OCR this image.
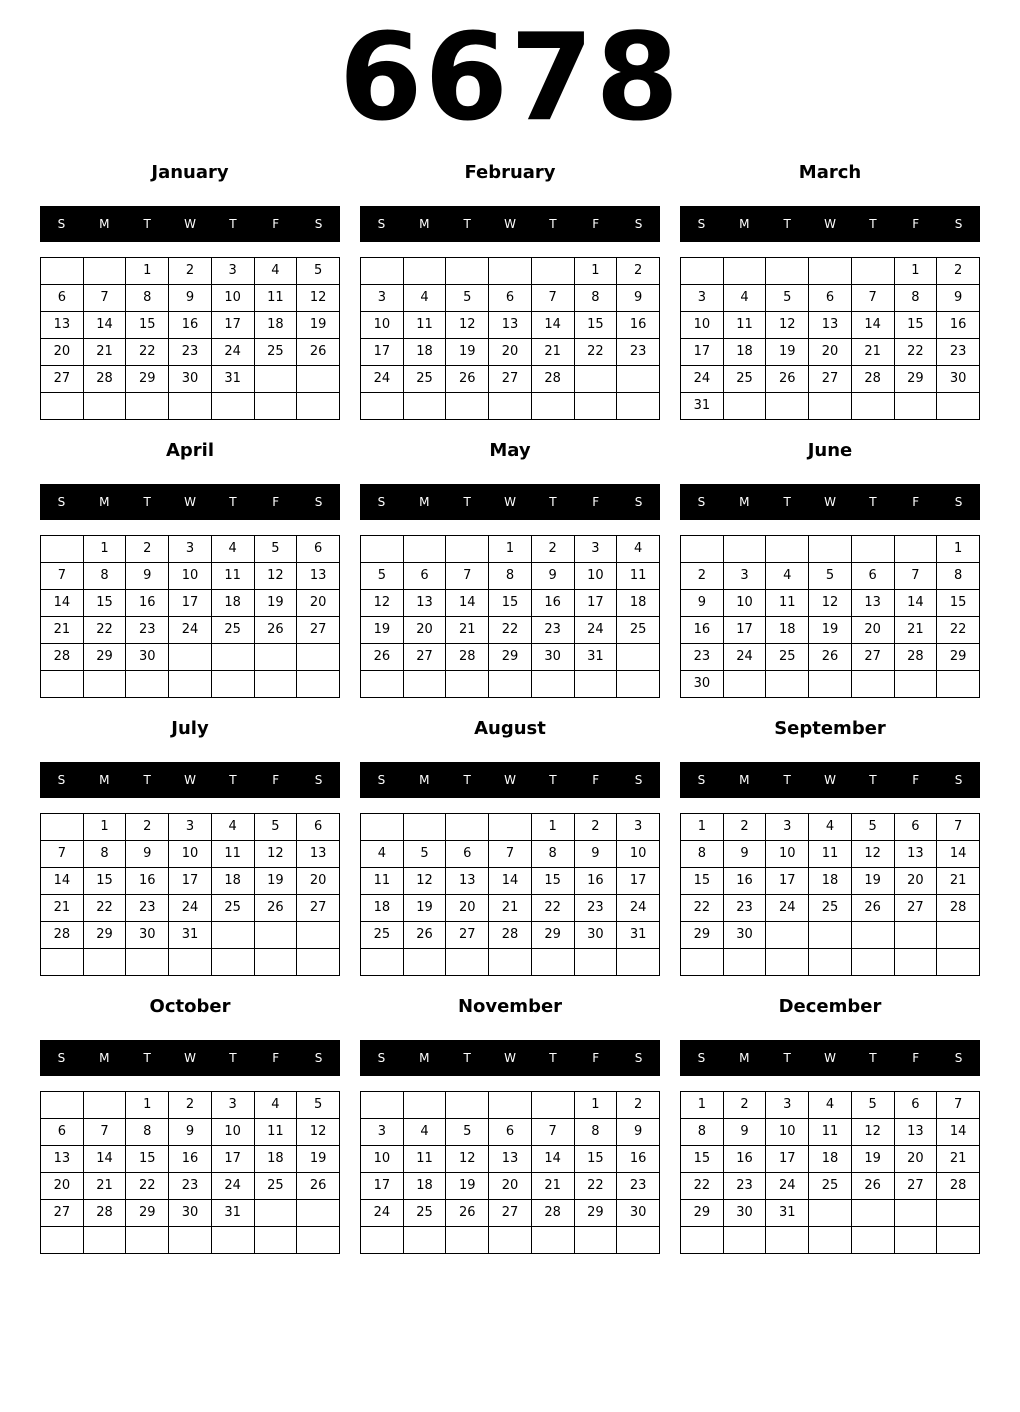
6678
January
S	M	T	W	T	F	S
		1	2	3	4	5
6	7	8	9	10	11	12
13	14	15	16	17	18	19
20	21	22	23	24	25	26
27	28	29	30	31		

February
S	M	T	W	T	F	S
					1	2
3	4	5	6	7	8	9
10	11	12	13	14	15	16
17	18	19	20	21	22	23
24	25	26	27	28		

March
S	M	T	W	T	F	S
					1	2
3	4	5	6	7	8	9
10	11	12	13	14	15	16
17	18	19	20	21	22	23
24	25	26	27	28	29	30
31						
April
S	M	T	W	T	F	S
	1	2	3	4	5	6
7	8	9	10	11	12	13
14	15	16	17	18	19	20
21	22	23	24	25	26	27
28	29	30				

May
S	M	T	W	T	F	S
			1	2	3	4
5	6	7	8	9	10	11
12	13	14	15	16	17	18
19	20	21	22	23	24	25
26	27	28	29	30	31	

June
S	M	T	W	T	F	S
						1
2	3	4	5	6	7	8
9	10	11	12	13	14	15
16	17	18	19	20	21	22
23	24	25	26	27	28	29
30						
July
S	M	T	W	T	F	S
	1	2	3	4	5	6
7	8	9	10	11	12	13
14	15	16	17	18	19	20
21	22	23	24	25	26	27
28	29	30	31			

August
S	M	T	W	T	F	S
				1	2	3
4	5	6	7	8	9	10
11	12	13	14	15	16	17
18	19	20	21	22	23	24
25	26	27	28	29	30	31

September
S	M	T	W	T	F	S
1	2	3	4	5	6	7
8	9	10	11	12	13	14
15	16	17	18	19	20	21
22	23	24	25	26	27	28
29	30					

October
S	M	T	W	T	F	S
		1	2	3	4	5
6	7	8	9	10	11	12
13	14	15	16	17	18	19
20	21	22	23	24	25	26
27	28	29	30	31		

November
S	M	T	W	T	F	S
					1	2
3	4	5	6	7	8	9
10	11	12	13	14	15	16
17	18	19	20	21	22	23
24	25	26	27	28	29	30

December
S	M	T	W	T	F	S
1	2	3	4	5	6	7
8	9	10	11	12	13	14
15	16	17	18	19	20	21
22	23	24	25	26	27	28
29	30	31				
